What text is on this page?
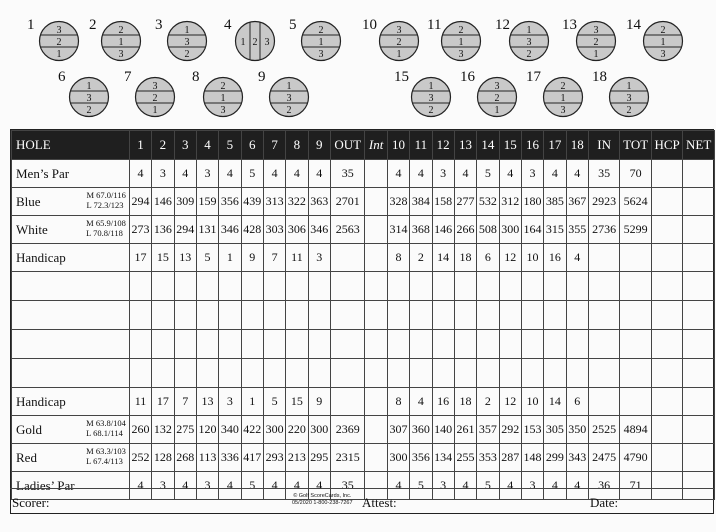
3
2
1
1	2
1
3
2	1
3
2
3
1 2 3
4	2
1
3
5
1
3
2
6
3
2
1
7
2
1
3
8
1
3
2
9
3
2
1
10	2
1
3
11	1
3
2
12	3
2
1
13	2
1
3
14
1
3
2
15
3
2
1
16
2
1
3
17
1
3
2
18
HOLE	1	2	3	4	5	6	7	8	9	OUT	Int	10	11	12	13	14	15	16	17	18	IN	TOT	HCP	NET
Men’s Par	4	3	4	3	4	5	4	4	4	35		4	4	3	4	5	4	3	4	4	35	70		
Blue M 67.0/116
L 72.3/123	294	146	309	159	356	439	313	322	363	2701		328	384	158	277	532	312	180	385	367	2923	5624		
White M 65.9/108
L 70.8/118	273	136	294	131	346	428	303	306	346	2563		314	368	146	266	508	300	164	315	355	2736	5299		
Handicap	17	15	13	5	1	9	7	11	3			8	2	14	18	6	12	10	16	4				

Handicap	11	17	7	13	3	1	5	15	9			8	4	16	18	2	12	10	14	6				
Gold M 63.8/104
L 68.1/114	260	132	275	120	340	422	300	220	300	2369		307	360	140	261	357	292	153	305	350	2525	4894		
Red M 63.3/103
L 67.4/113	252	128	268	113	336	417	293	213	295	2315		300	356	134	255	353	287	148	299	343	2475	4790		
Ladies’ Par	4	3	4	3	4	5	4	4	4	35		4	5	3	4	5	4	3	4	4	36	71		
Scorer:	© Golf ScoreCards, Inc.
05/2020 1-800-238-7267 Attest:	Date:
